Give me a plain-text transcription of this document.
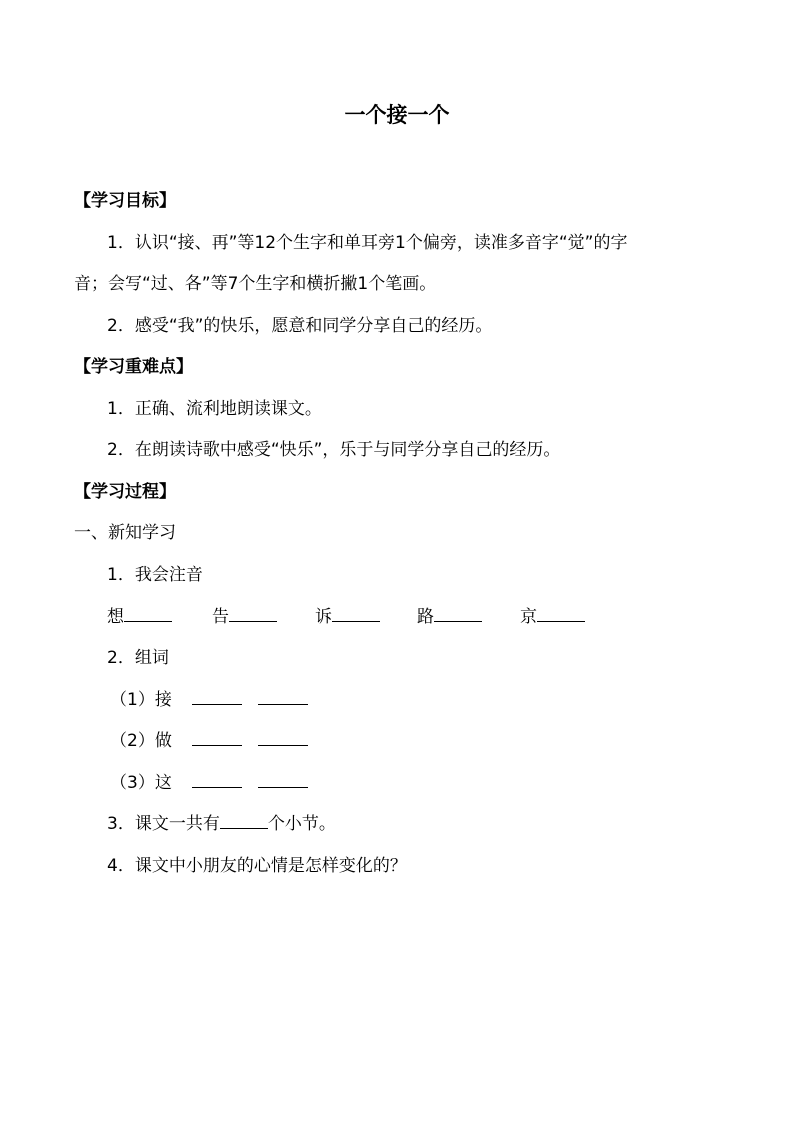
一个接一个
【学习目标】
1．认识“接、再”等12个生字和单耳旁1个偏旁，读准多音字“觉”的字
音；会写“过、各”等7个生字和横折撇1个笔画。
2．感受“我”的快乐，愿意和同学分享自己的经历。
【学习重难点】
1．正确、流利地朗读课文。
2．在朗读诗歌中感受“快乐”，乐于与同学分享自己的经历。
【学习过程】
一、新知学习
1．我会注音
想	告	诉	路	京
2．组词
（1）接
（2）做
（3）这
3．课文一共有	个小节。
4．课文中小朋友的心情是怎样变化的？
